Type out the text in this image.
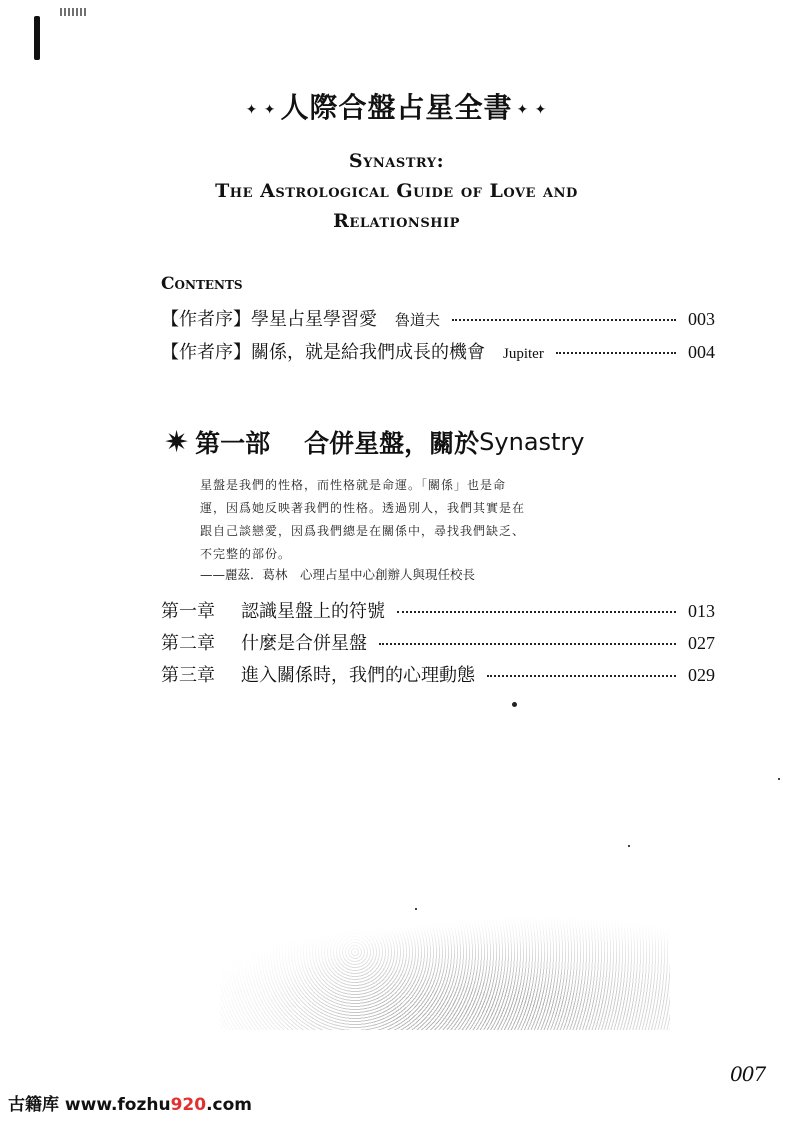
✦ ✦ 人際合盤占星全書 ✦ ✦
Synastry:
The Astrological Guide of Love and
Relationship
Contents
【作者序】學星占星學習愛 魯道夫	003
【作者序】關係，就是給我們成長的機會 Jupiter	004
✷ 第一部 合併星盤，關於 Synastry
星盤是我們的性格，而性格就是命運。「關係」也是命
運，因爲她反映著我們的性格。透過別人，我們其實是在
跟自己談戀愛，因爲我們總是在關係中，尋找我們缺乏、
不完整的部份。
——麗茲．葛林　心理占星中心創辦人與現任校長
第一章 認識星盤上的符號	013
第二章 什麼是合併星盤	027
第三章 進入關係時，我們的心理動態	029
007
古籍库 www.fozhu920.com
